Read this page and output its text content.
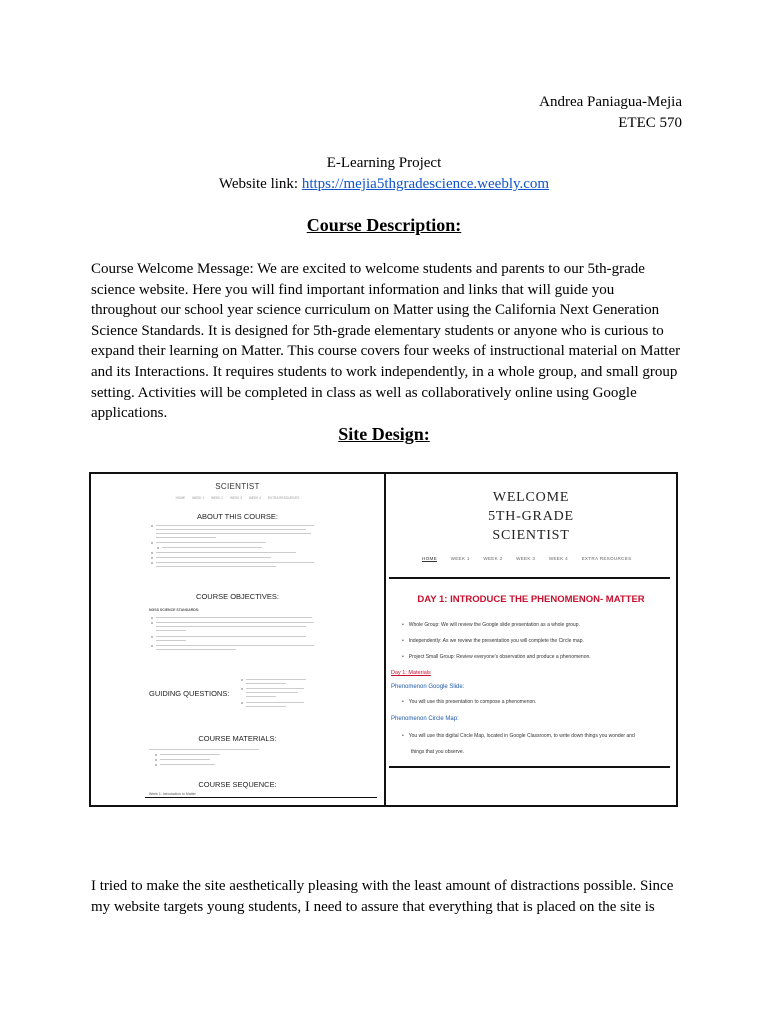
Andrea Paniagua-Mejia
ETEC 570
E-Learning Project
Website link: https://mejia5thgradescience.weebly.com
Course Description:
Course Welcome Message: We are excited to welcome students and parents to our 5th-grade science website. Here you will find important information and links that will guide you throughout our school year science curriculum on Matter using the California Next Generation Science Standards. It is designed for 5th-grade elementary students or anyone who is curious to expand their learning on Matter. This course covers four weeks of instructional material on Matter and its Interactions. It requires students to work independently, in a whole group, and small group setting. Activities will be completed in class as well as collaboratively online using Google applications.
Site Design:
SCIENTIST
HOME WEEK 1 WEEK 2 WEEK 3 WEEK 4 EXTRA RESOURCES
ABOUT THIS COURSE:
COURSE OBJECTIVES:
NGSS SCIENCE STANDARDS:
GUIDING QUESTIONS:
COURSE MATERIALS:
COURSE SEQUENCE:
Week 1: Introduction to Matter
WELCOME
5TH-GRADE
SCIENTIST
HOME	WEEK 1	WEEK 2	WEEK 3	WEEK 4	EXTRA RESOURCES
DAY 1: INTRODUCE THE PHENOMENON- MATTER
• Whole Group: We will review the Google slide presentation as a whole group.
• Independently: As we review the presentation you will complete the Circle map.
• Project Small Group: Review everyone's observation and produce a phenomenon.
Day 1: Materials
Phenomenon Google Slide:
• You will use this presentation to compose a phenomenon.
Phenomenon Circle Map:
• You will use this digital Circle Map, located in Google Classroom, to write down things you wonder and
things that you observe.
I tried to make the site aesthetically pleasing with the least amount of distractions possible. Since my website targets young students, I need to assure that everything that is placed on the site is
